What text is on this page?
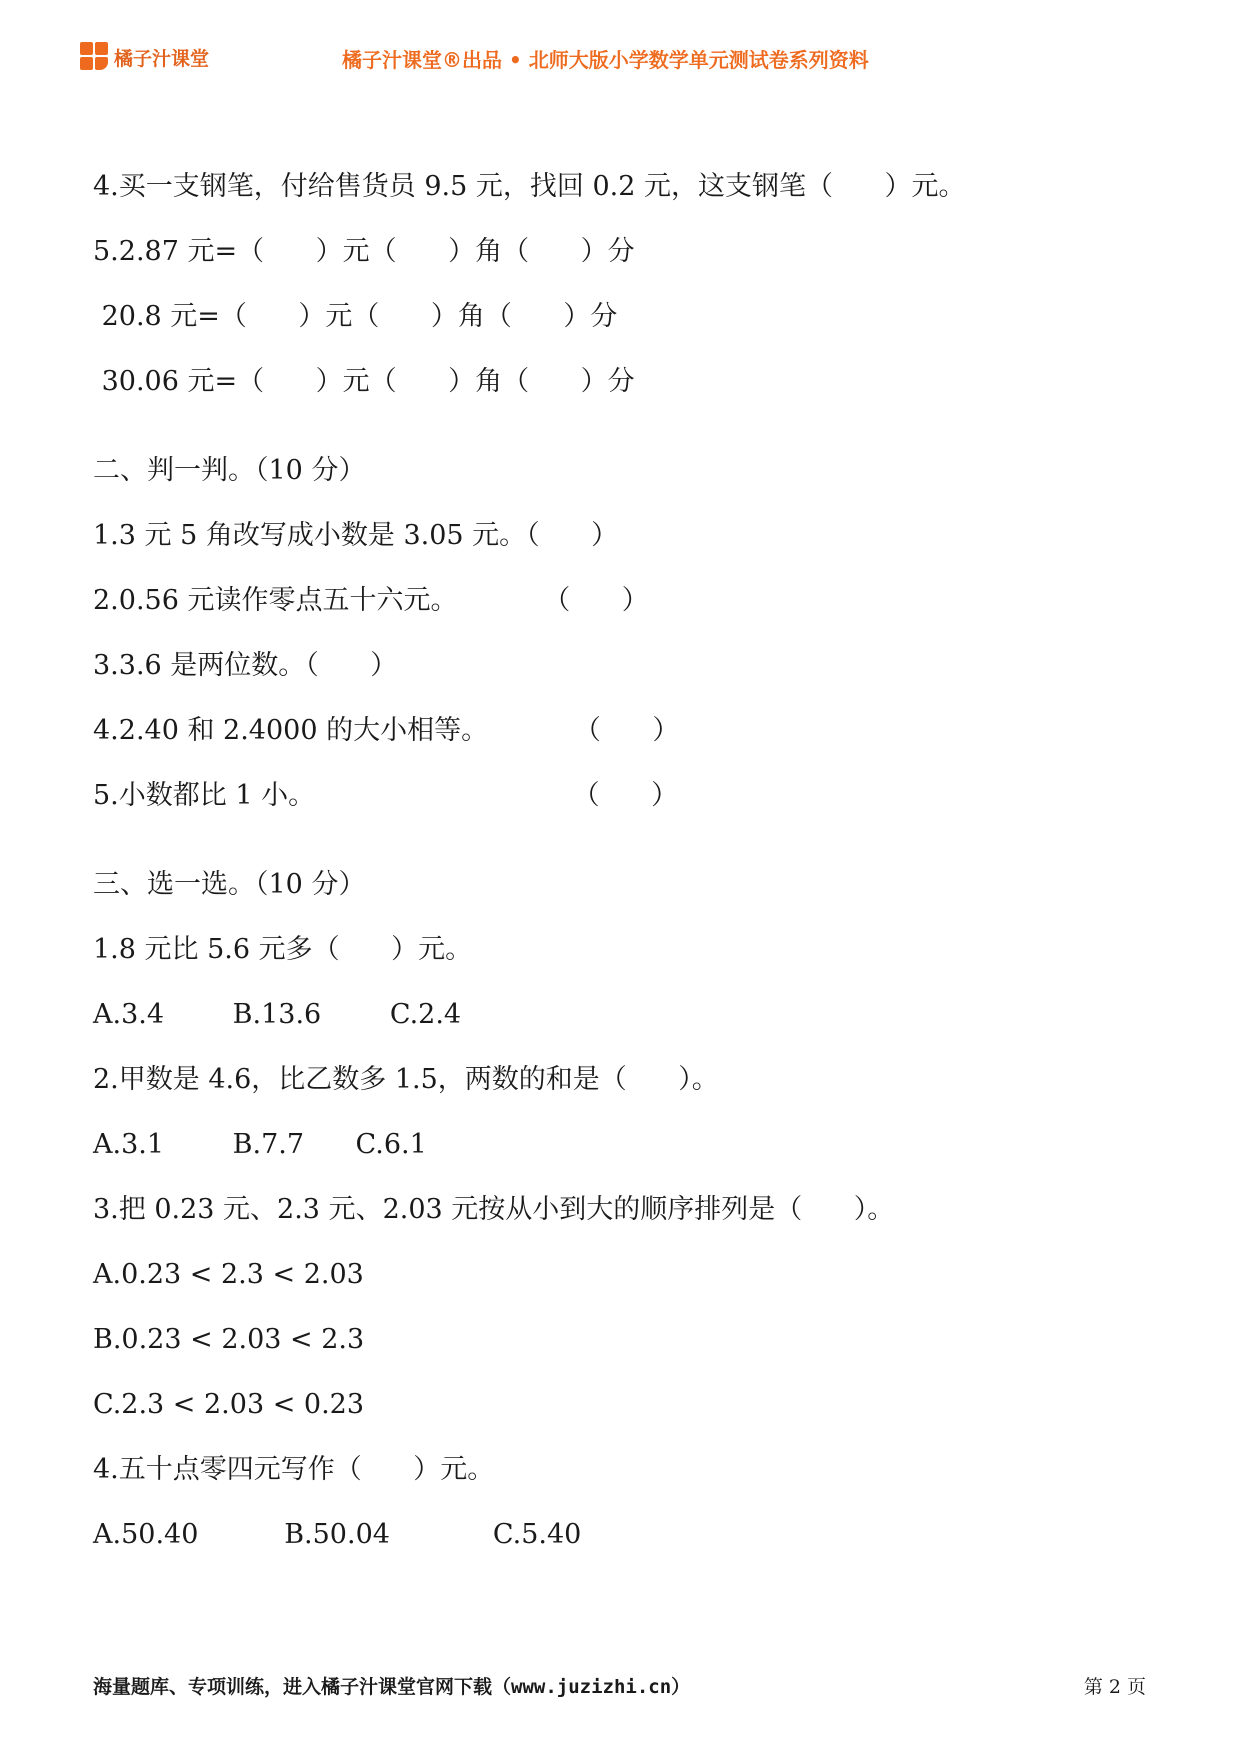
橘子汁课堂	橘子汁课堂®出品 • 北师大版小学数学单元测试卷系列资料
4.买一支钢笔，付给售货员 9.5 元，找回 0.2 元，这支钢笔（      ）元。
5.2.87 元=（      ）元（      ）角（      ）分
20.8 元=（      ）元（      ）角（      ）分
30.06 元=（      ）元（      ）角（      ）分
二、判一判。（10 分）
1.3 元 5 角改写成小数是 3.05 元。（      ）
2.0.56 元读作零点五十六元。          （      ）
3.3.6 是两位数。（      ）
4.2.40 和 2.4000 的大小相等。          （      ）
5.小数都比 1 小。                              （      ）
三、选一选。（10 分）
1.8 元比 5.6 元多（      ）元。
A.3.4        B.13.6        C.2.4
2.甲数是 4.6，比乙数多 1.5，两数的和是（      ）。
A.3.1        B.7.7      C.6.1
3.把 0.23 元、2.3 元、2.03 元按从小到大的顺序排列是（      ）。
A.0.23 < 2.3 < 2.03
B.0.23 < 2.03 < 2.3
C.2.3 < 2.03 < 0.23
4.五十点零四元写作（      ）元。
A.50.40          B.50.04            C.5.40
海量题库、专项训练，进入橘子汁课堂官网下载（www.juzizhi.cn）	第 2 页
